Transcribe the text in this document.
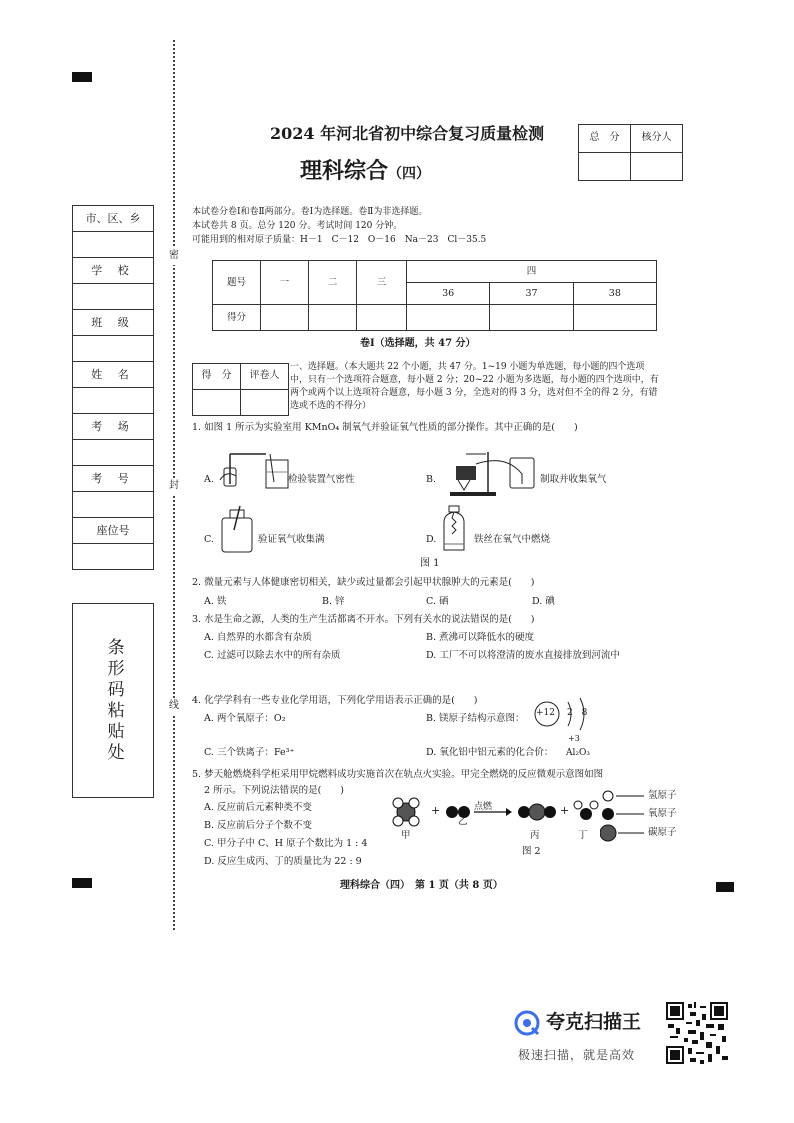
密
封
线
市、区、乡

学 校

班 级

姓 名

考 场

考 号

座位号

条形码粘贴处
2024 年河北省初中综合复习质量检测
理科综合（四）
总　分	核分人

本试卷分卷Ⅰ和卷Ⅱ两部分。卷Ⅰ为选择题。卷Ⅱ为非选择题。
本试卷共 8 页。总分 120 分。考试时间 120 分钟。
可能用到的相对原子质量：H－1　C－12　O－16　Na－23　Cl－35.5
题号	一	二	三	四		
				36	37	38
得分						
卷Ⅰ（选择题，共 47 分）
得　分	评卷人

一、选择题。（本大题共 22 个小题，共 47 分。1~19 小题为单选题，每小题的四个选项中，只有一个选项符合题意，每小题 2 分；20~22 小题为多选题，每小题的四个选项中，有两个或两个以上选项符合题意，每小题 3 分，全选对的得 3 分，选对但不全的得 2 分，有错选或不选的不得分）
1. 如图 1 所示为实验室用 KMnO₄ 制氧气并验证氧气性质的部分操作。其中正确的是(　　)
A.	检验装置气密性	B.	制取并收集氧气
C.	验证氧气收集满	D.	铁丝在氧气中燃烧
图 1
2. 微量元素与人体健康密切相关，缺少或过量都会引起甲状腺肿大的元素是(　　)
A. 铁	B. 锌	C. 硒	D. 碘
3. 水是生命之源，人类的生产生活都离不开水。下列有关水的说法错误的是(　　)
A. 自然界的水都含有杂质	B. 煮沸可以降低水的硬度
C. 过滤可以除去水中的所有杂质	D. 工厂不可以将澄清的废水直接排放到河流中
4. 化学学科有一些专业化学用语，下列化学用语表示正确的是(　　)
A. 两个氧原子：O₂	B. 镁原子结构示意图： +12 2 8
C. 三个铁离子：Fe³⁺	D. 氧化铝中铝元素的化合价：
+3
Al₂O₃
5. 梦天舱燃烧科学柜采用甲烷燃料成功实施首次在轨点火实验。甲完全燃烧的反应微观示意图如图
2 所示。下列说法错误的是(　　)
A. 反应前后元素种类不变
B. 反应前后分子个数不变
C. 甲分子中 C、H 原子个数比为 1 : 4
D. 反应生成丙、丁的质量比为 22 : 9
+	+
点燃
甲
乙
丙	丁
图 2
氢原子
氧原子
碳原子
理科综合（四）　第 1 页（共 8 页）
夸克扫描王
极速扫描，就是高效
